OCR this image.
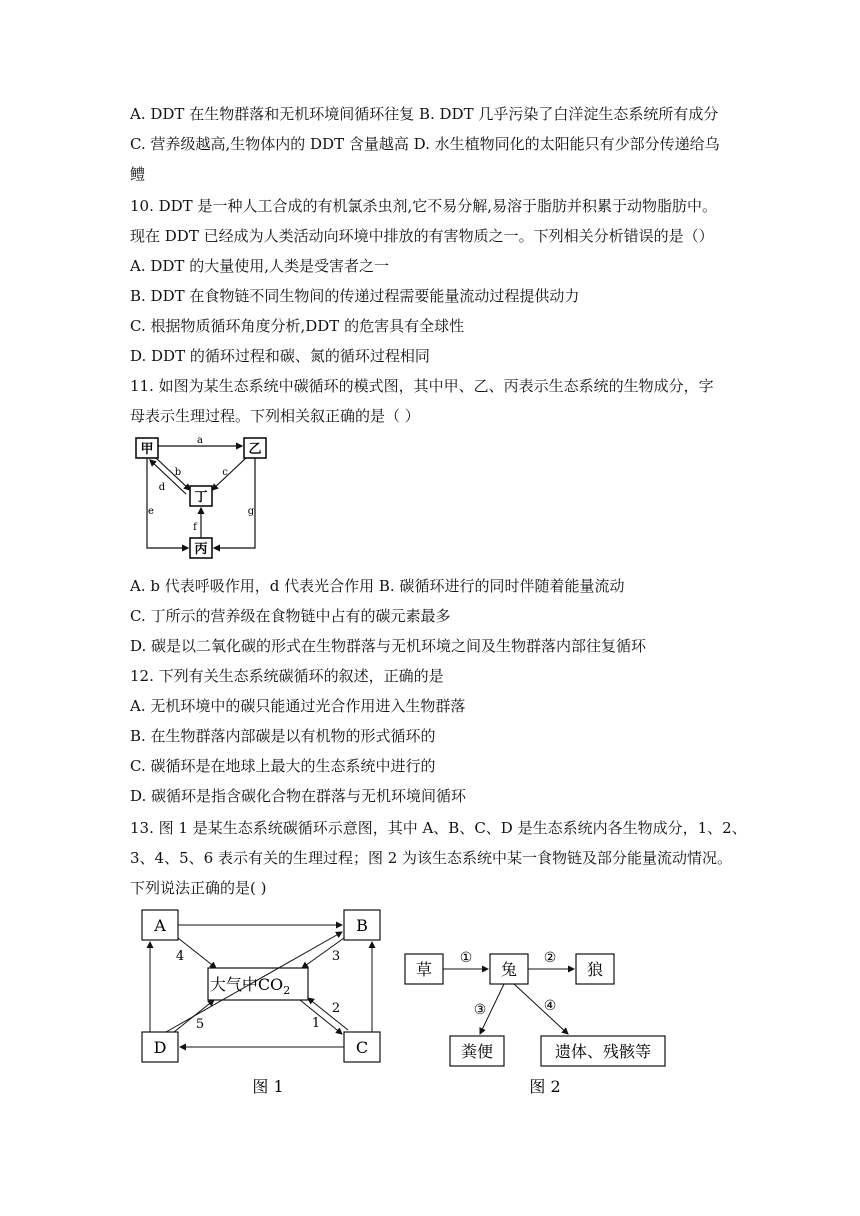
A. DDT 在生物群落和无机环境间循环往复 B. DDT 几乎污染了白洋淀生态系统所有成分
C. 营养级越高,生物体内的 DDT 含量越高 D. 水生植物同化的太阳能只有少部分传递给乌
鳢
10. DDT 是一种人工合成的有机氯杀虫剂,它不易分解,易溶于脂肪并积累于动物脂肪中。
现在 DDT 已经成为人类活动向环境中排放的有害物质之一。下列相关分析错误的是（）
A. DDT 的大量使用,人类是受害者之一
B. DDT 在食物链不同生物间的传递过程需要能量流动过程提供动力
C. 根据物质循环角度分析,DDT 的危害具有全球性
D. DDT 的循环过程和碳、氮的循环过程相同
11. 如图为某生态系统中碳循环的模式图，其中甲、乙、丙表示生态系统的生物成分，字
母表示生理过程。下列相关叙正确的是（ ）
甲	乙
丁
丙
a
b
d
c
f
e	g
A. b 代表呼吸作用，d 代表光合作用 B. 碳循环进行的同时伴随着能量流动
C. 丁所示的营养级在食物链中占有的碳元素最多
D. 碳是以二氧化碳的形式在生物群落与无机环境之间及生物群落内部往复循环
12. 下列有关生态系统碳循环的叙述，正确的是
A. 无机环境中的碳只能通过光合作用进入生物群落
B. 在生物群落内部碳是以有机物的形式循环的
C. 碳循环是在地球上最大的生态系统中进行的
D. 碳循环是指含碳化合物在群落与无机环境间循环
13. 图 1 是某生态系统碳循环示意图，其中 A、B、C、D 是生态系统内各生物成分，1、2、
3、4、5、6 表示有关的生理过程；图 2 为该生态系统中某一食物链及部分能量流动情况。
下列说法正确的是( )
A	B
D	C
大气中$CO_2$
4	3
5	1
2
图 1
草	兔	狼
粪便	遗体、残骸等
①	②
③	④
图 2
